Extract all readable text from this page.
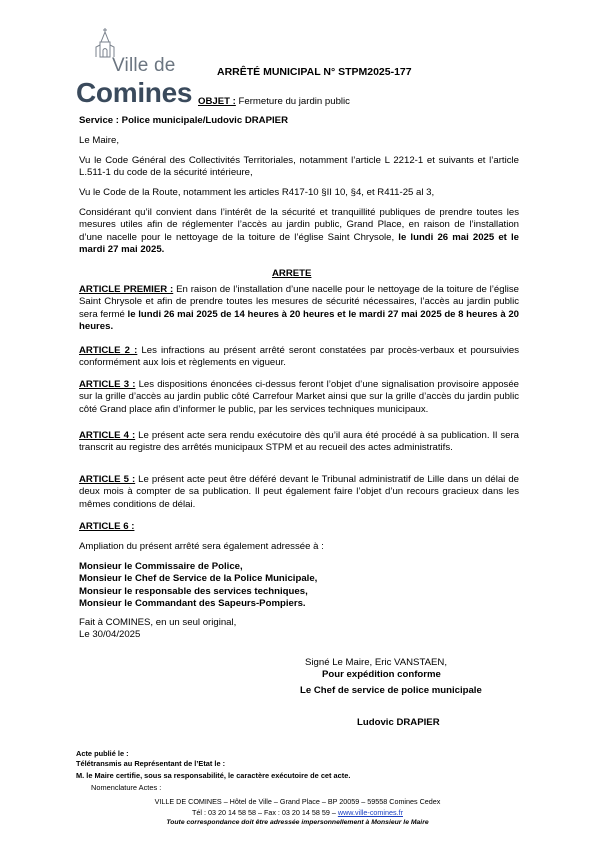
Ville de
Comines
ARRÊTÉ MUNICIPAL N° STPM2025-177
OBJET : Fermeture du jardin public
Service : Police municipale/Ludovic DRAPIER

Le Maire,

Vu le Code Général des Collectivités Territoriales, notamment l’article L 2212-1 et suivants et l’article L.511-1 du code de la sécurité intérieure,

Vu le Code de la Route, notamment les articles R417-10 §II 10, §4, et R411-25 al 3,

Considérant qu’il convient dans l’intérêt de la sécurité et tranquillité publiques de prendre toutes les mesures utiles afin de réglementer l’accès au jardin public, Grand Place, en raison de l’installation d’une nacelle pour le nettoyage de la toiture de l’église Saint Chrysole, le lundi 26 mai 2025 et le mardi 27 mai 2025.

ARRETE

ARTICLE PREMIER : En raison de l’installation d’une nacelle pour le nettoyage de la toiture de l’église Saint Chrysole et afin de prendre toutes les mesures de sécurité nécessaires, l’accès au jardin public sera fermé le lundi 26 mai 2025 de 14 heures à 20 heures et le mardi 27 mai 2025 de 8 heures à 20 heures.

ARTICLE 2 : Les infractions au présent arrêté seront constatées par procès-verbaux et poursuivies conformément aux lois et règlements en vigueur.

ARTICLE 3 : Les dispositions énoncées ci-dessus feront l’objet d’une signalisation provisoire apposée sur la grille d’accès au jardin public côté Carrefour Market ainsi que sur la grille d’accès du jardin public côté Grand place afin d’informer le public, par les services techniques municipaux.

ARTICLE 4 : Le présent acte sera rendu exécutoire dès qu’il aura été procédé à sa publication. Il sera transcrit au registre des arrêtés municipaux STPM et au recueil des actes administratifs.

ARTICLE 5 : Le présent acte peut être déféré devant le Tribunal administratif de Lille dans un délai de deux mois à compter de sa publication. Il peut également faire l’objet d’un recours gracieux dans les mêmes conditions de délai.

ARTICLE 6 :

Ampliation du présent arrêté sera également adressée à :

Monsieur le Commissaire de Police,
Monsieur le Chef de Service de la Police Municipale,
Monsieur le responsable des services techniques,
Monsieur le Commandant des Sapeurs-Pompiers.

Fait à COMINES, en un seul original,

Le 30/04/2025

Signé Le Maire, Eric VANSTAEN,
Pour expédition conforme
Le Chef de service de police municipale
Ludovic DRAPIER
Acte publié le :
Télétransmis au Représentant de l’Etat le :
M. le Maire certifie, sous sa responsabilité, le caractère exécutoire de cet acte.
Nomenclature Actes :
VILLE DE COMINES – Hôtel de Ville – Grand Place – BP 20059 – 59558 Comines Cedex
Tél : 03 20 14 58 58 – Fax : 03 20 14 58 59 – www.ville-comines.fr
Toute correspondance doit être adressée impersonnellement à Monsieur le Maire
